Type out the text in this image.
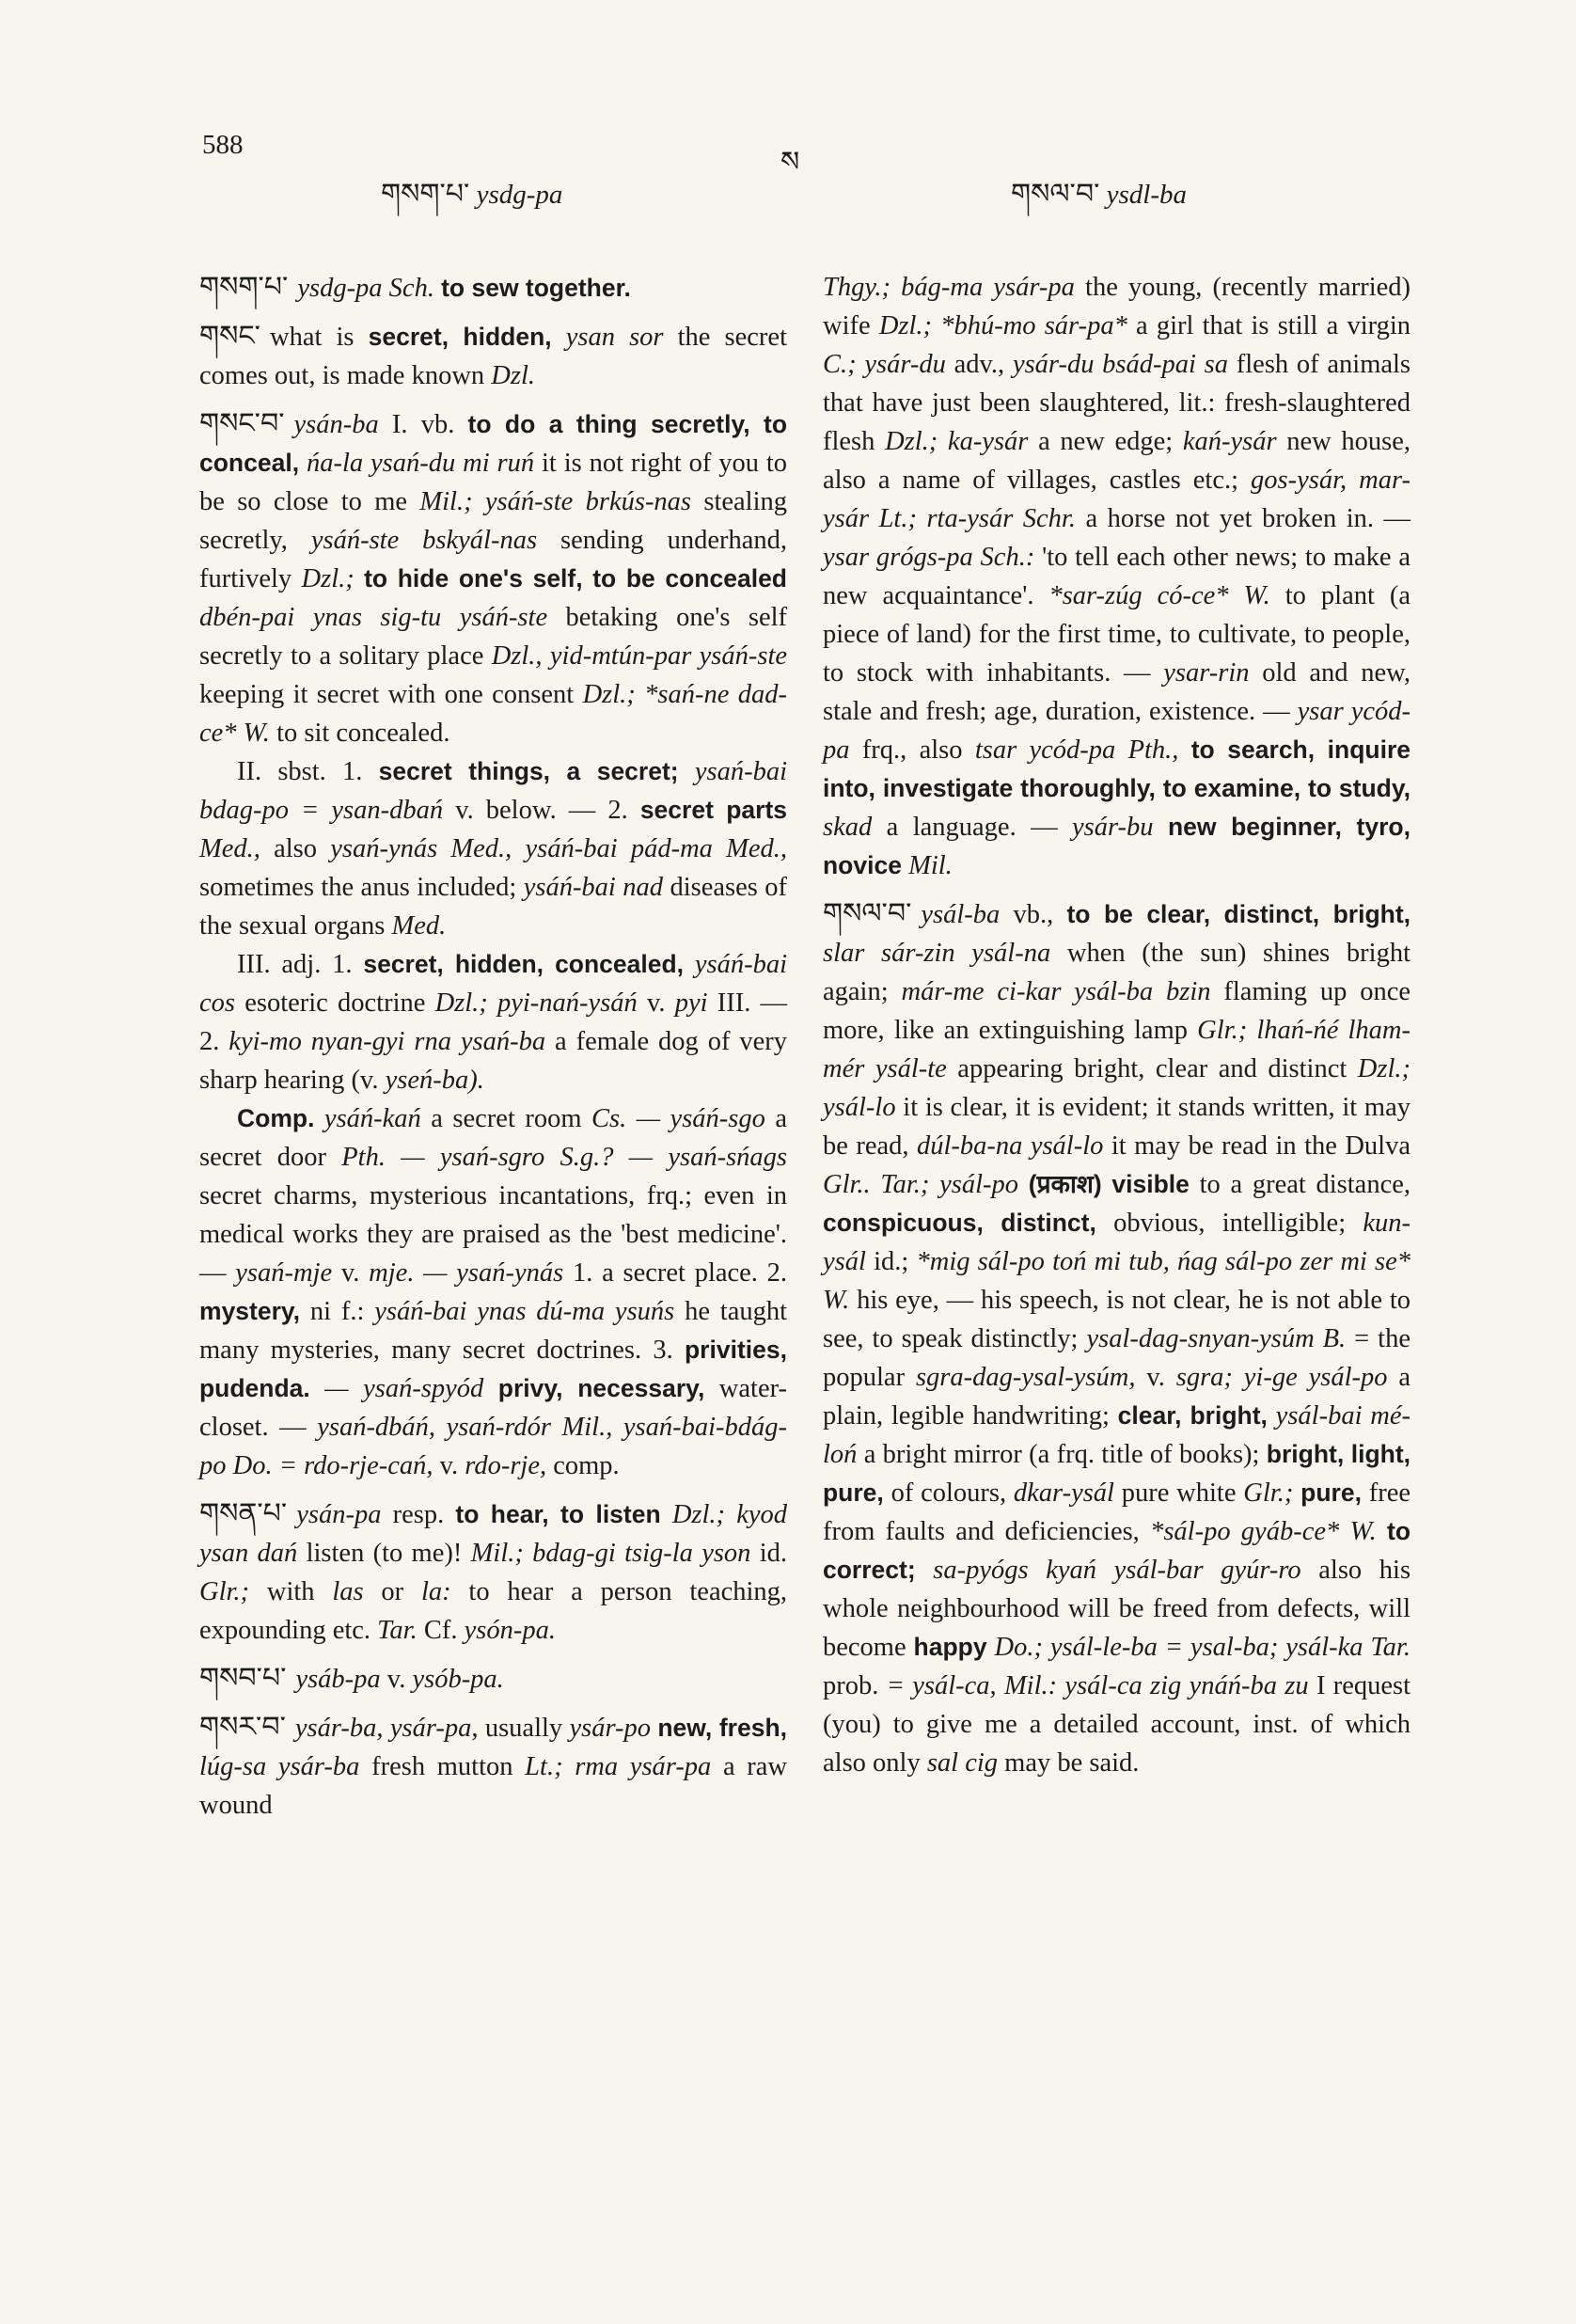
588
ས
གསག་པ་ ysdg-pa	གསལ་བ་ ysdl-ba

གསག་པ་ ysdg-pa Sch. to sew together.

གསང་ what is secret, hidden, ysan sor the secret comes out, is made known Dzl.

གསང་བ་ ysán-ba I. vb. to do a thing secretly, to conceal, ńa-la ysań-du mi ruń it is not right of you to be so close to me Mil.; ysáń-ste brkús-nas stealing secretly, ysáń-ste bskyál-nas sending underhand, furtively Dzl.; to hide one's self, to be concealed dbén-pai ynas sig-tu ysáń-ste betaking one's self secretly to a solitary place Dzl., yid-mtún-par ysáń-ste keeping it secret with one consent Dzl.; *sań-ne dad-ce* W. to sit concealed.

II. sbst. 1. secret things, a secret; ysań-bai bdag-po = ysan-dbań v. below. — 2. secret parts Med., also ysań-ynás Med., ysáń-bai pád-ma Med., sometimes the anus included; ysáń-bai nad diseases of the sexual organs Med.

III. adj. 1. secret, hidden, concealed, ysáń-bai cos esoteric doctrine Dzl.; pyi-nań-ysáń v. pyi III. — 2. kyi-mo nyan-gyi rna ysań-ba a female dog of very sharp hearing (v. yseń-ba).

Comp. ysáń-kań a secret room Cs. — ysáń-sgo a secret door Pth. — ysań-sgro S.g.? — ysań-sńags secret charms, mysterious incantations, frq.; even in medical works they are praised as the 'best medicine'. — ysań-mje v. mje. — ysań-ynás 1. a secret place. 2. mystery, ni f.: ysáń-bai ynas dú-ma ysuńs he taught many mysteries, many secret doctrines. 3. privities, pudenda. — ysań-spyód privy, necessary, water-closet. — ysań-dbáń, ysań-rdór Mil., ysań-bai-bdág-po Do. = rdo-rje-cań, v. rdo-rje, comp.

གསན་པ་ ysán-pa resp. to hear, to listen Dzl.; kyod ysan dań listen (to me)! Mil.; bdag-gi tsig-la yson id. Glr.; with las or la: to hear a person teaching, expounding etc. Tar. Cf. ysón-pa.

གསབ་པ་ ysáb-pa v. ysób-pa.

གསར་བ་ ysár-ba, ysár-pa, usually ysár-po new, fresh, lúg-sa ysár-ba fresh mutton Lt.; rma ysár-pa a raw wound

Thgy.; bág-ma ysár-pa the young, (recently married) wife Dzl.; *bhú-mo sár-pa* a girl that is still a virgin C.; ysár-du adv., ysár-du bsád-pai sa flesh of animals that have just been slaughtered, lit.: fresh-slaughtered flesh Dzl.; ka-ysár a new edge; kań-ysár new house, also a name of villages, castles etc.; gos-ysár, mar-ysár Lt.; rta-ysár Schr. a horse not yet broken in. — ysar grógs-pa Sch.: 'to tell each other news; to make a new acquaintance'. *sar-zúg có-ce* W. to plant (a piece of land) for the first time, to cultivate, to people, to stock with inhabitants. — ysar-rin old and new, stale and fresh; age, duration, existence. — ysar ycód-pa frq., also tsar ycód-pa Pth., to search, inquire into, investigate thoroughly, to examine, to study, skad a language. — ysár-bu new beginner, tyro, novice Mil.

གསལ་བ་ ysál-ba vb., to be clear, distinct, bright, slar sár-zin ysál-na when (the sun) shines bright again; már-me ci-kar ysál-ba bzin flaming up once more, like an extinguishing lamp Glr.; lhań-ńé lham-mér ysál-te appearing bright, clear and distinct Dzl.; ysál-lo it is clear, it is evident; it stands written, it may be read, dúl-ba-na ysál-lo it may be read in the Dulva Glr.. Tar.; ysál-po (प्रकाश) visible to a great distance, conspicuous, distinct, obvious, intelligible; kun-ysál id.; *mig sál-po toń mi tub, ńag sál-po zer mi se* W. his eye, — his speech, is not clear, he is not able to see, to speak distinctly; ysal-dag-snyan-ysúm B. = the popular sgra-dag-ysal-ysúm, v. sgra; yi-ge ysál-po a plain, legible handwriting; clear, bright, ysál-bai mé-loń a bright mirror (a frq. title of books); bright, light, pure, of colours, dkar-ysál pure white Glr.; pure, free from faults and deficiencies, *sál-po gyáb-ce* W. to correct; sa-pyógs kyań ysál-bar gyúr-ro also his whole neighbourhood will be freed from defects, will become happy Do.; ysál-le-ba = ysal-ba; ysál-ka Tar. prob. = ysál-ca, Mil.: ysál-ca zig ynáń-ba zu I request (you) to give me a detailed account, inst. of which also only sal cig may be said.
